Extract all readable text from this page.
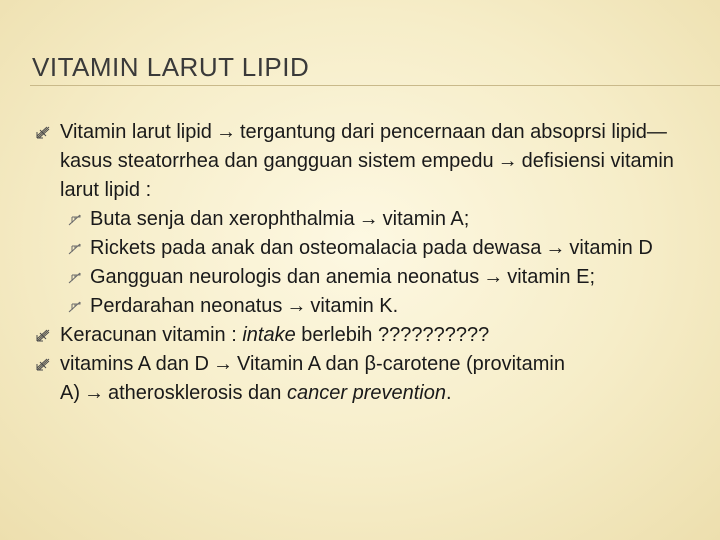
VITAMIN LARUT LIPID
Vitamin larut lipid → tergantung dari pencernaan dan absoprsi lipid—kasus steatorrhea dan gangguan sistem empedu → defisiensi vitamin larut lipid :
Buta senja dan xerophthalmia → vitamin A;
Rickets pada anak dan osteomalacia pada dewasa → vitamin D
Gangguan neurologis dan anemia neonatus → vitamin E;
Perdarahan neonatus → vitamin K.
Keracunan vitamin : intake berlebih ??????????
vitamins A dan D → Vitamin A dan β-carotene (provitamin A) → atherosklerosis dan cancer prevention.
